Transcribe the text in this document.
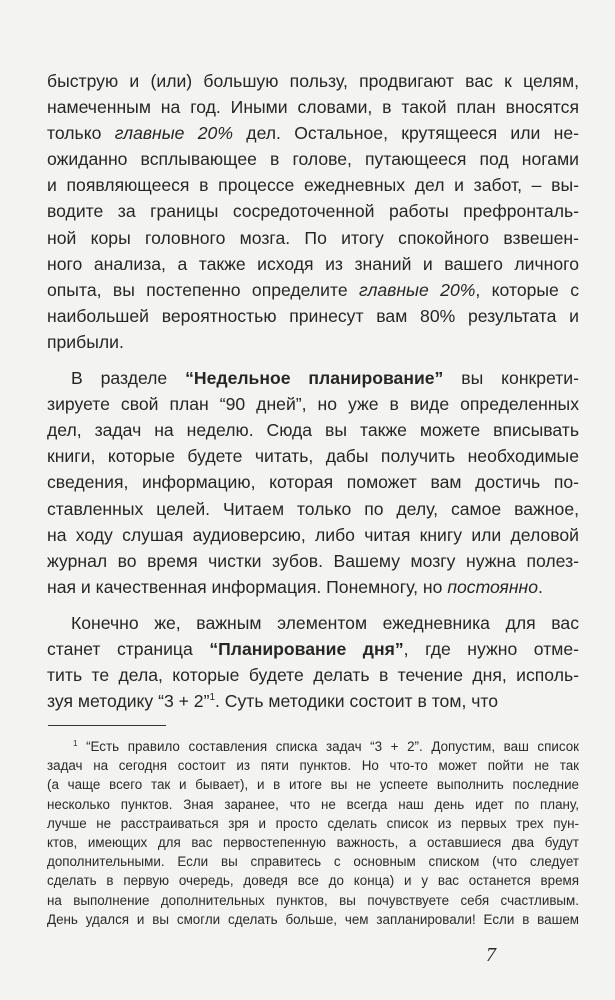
быструю и (или) большую пользу, продвигают вас к целям,
намеченным на год. Иными словами, в такой план вносятся
только главные 20% дел. Остальное, крутящееся или не-
ожиданно всплывающее в голове, путающееся под ногами
и появляющееся в процессе ежедневных дел и забот, – вы-
водите за границы сосредоточенной работы префронталь-
ной коры головного мозга. По итогу спокойного взвешен-
ного анализа, а также исходя из знаний и вашего личного
опыта, вы постепенно определите главные 20%, которые с
наибольшей вероятностью принесут вам 80% результата и
прибыли.

В разделе “Недельное планирование” вы конкрети-
зируете свой план “90 дней”, но уже в виде определенных
дел, задач на неделю. Сюда вы также можете вписывать
книги, которые будете читать, дабы получить необходимые
сведения, информацию, которая поможет вам достичь по-
ставленных целей. Читаем только по делу, самое важное,
на ходу слушая аудиоверсию, либо читая книгу или деловой
журнал во время чистки зубов. Вашему мозгу нужна полез-
ная и качественная информация. Понемногу, но постоянно.

Конечно же, важным элементом ежедневника для вас
станет страница “Планирование дня”, где нужно отме-
тить те дела, которые будете делать в течение дня, исполь-
зуя методику “3 + 2”$^1$. Суть методики состоит в том, что

$^1$ “Есть правило составления списка задач “3 + 2”. Допустим, ваш список
задач на сегодня состоит из пяти пунктов. Но что-то может пойти не так
(а чаще всего так и бывает), и в итоге вы не успеете выполнить последние
несколько пунктов. Зная заранее, что не всегда наш день идет по плану,
лучше не расстраиваться зря и просто сделать список из первых трех пун-
ктов, имеющих для вас первостепенную важность, а оставшиеся два будут
дополнительными. Если вы справитесь с основным списком (что следует
сделать в первую очередь, доведя все до конца) и у вас останется время
на выполнение дополнительных пунктов, вы почувствуете себя счастливым.
День удался и вы смогли сделать больше, чем запланировали! Если в вашем
7
